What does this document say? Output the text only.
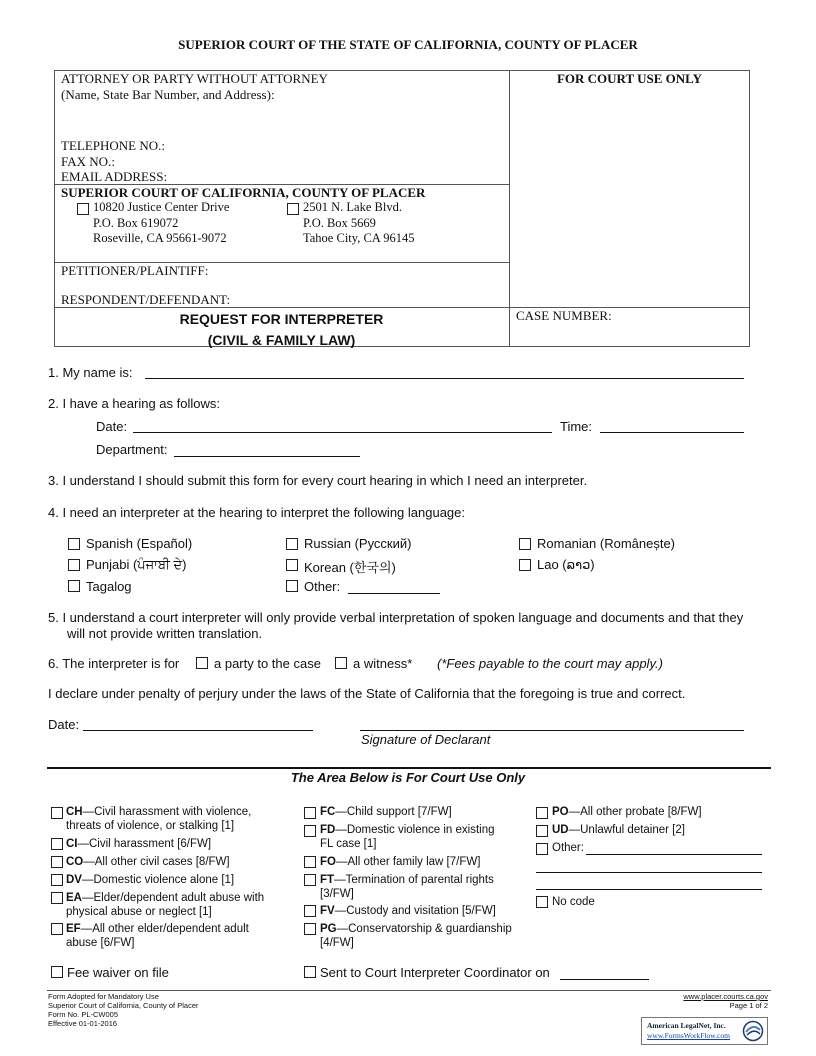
SUPERIOR COURT OF THE STATE OF CALIFORNIA, COUNTY OF PLACER
ATTORNEY OR PARTY WITHOUT ATTORNEY
(Name, State Bar Number, and Address):
TELEPHONE NO.:
FAX NO.:
EMAIL ADDRESS:
FOR COURT USE ONLY
SUPERIOR COURT OF CALIFORNIA, COUNTY OF PLACER
10820 Justice Center Drive
P.O. Box 619072
Roseville, CA 95661-9072
2501 N. Lake Blvd.
P.O. Box 5669
Tahoe City, CA 96145
PETITIONER/PLAINTIFF:
RESPONDENT/DEFENDANT:
REQUEST FOR INTERPRETER
(CIVIL & FAMILY LAW)
CASE NUMBER:
1. My name is:
2. I have a hearing as follows:
Date:	Time:
Department:
3. I understand I should submit this form for every court hearing in which I need an interpreter.
4. I need an interpreter at the hearing to interpret the following language:
Spanish (Español)	Russian (Русский)	Romanian (Românește)
Punjabi (ਪੰਜਾਬੀ ਦੇ)	Korean (한국의)	Lao (ລາວ)
Tagalog	Other:
5. I understand a court interpreter will only provide verbal interpretation of spoken language and documents and that they
will not provide written translation.
6. The interpreter is for	a party to the case a witness* (*Fees payable to the court may apply.)
I declare under penalty of perjury under the laws of the State of California that the foregoing is true and correct.
Date:
Signature of Declarant
The Area Below is For Court Use Only
CH—Civil harassment with violence,
threats of violence, or stalking [1]
CI—Civil harassment [6/FW]
CO—All other civil cases [8/FW]
DV—Domestic violence alone [1]
EA—Elder/dependent adult abuse with
physical abuse or neglect [1]
EF—All other elder/dependent adult
abuse [6/FW]
FC—Child support [7/FW]
FD—Domestic violence in existing
FL case [1]
FO—All other family law [7/FW]
FT—Termination of parental rights
[3/FW]
FV—Custody and visitation [5/FW]
PG—Conservatorship & guardianship
[4/FW]
PO—All other probate [8/FW]
UD—Unlawful detainer [2]
Other:
No code
Fee waiver on file	Sent to Court Interpreter Coordinator on
Form Adopted for Mandatory Use
Superior Court of California, County of Placer
Form No. PL-CW005
Effective 01-01-2016
www.placer.courts.ca.gov
Page 1 of 2
American LegalNet, Inc.
www.FormsWorkFlow.com
